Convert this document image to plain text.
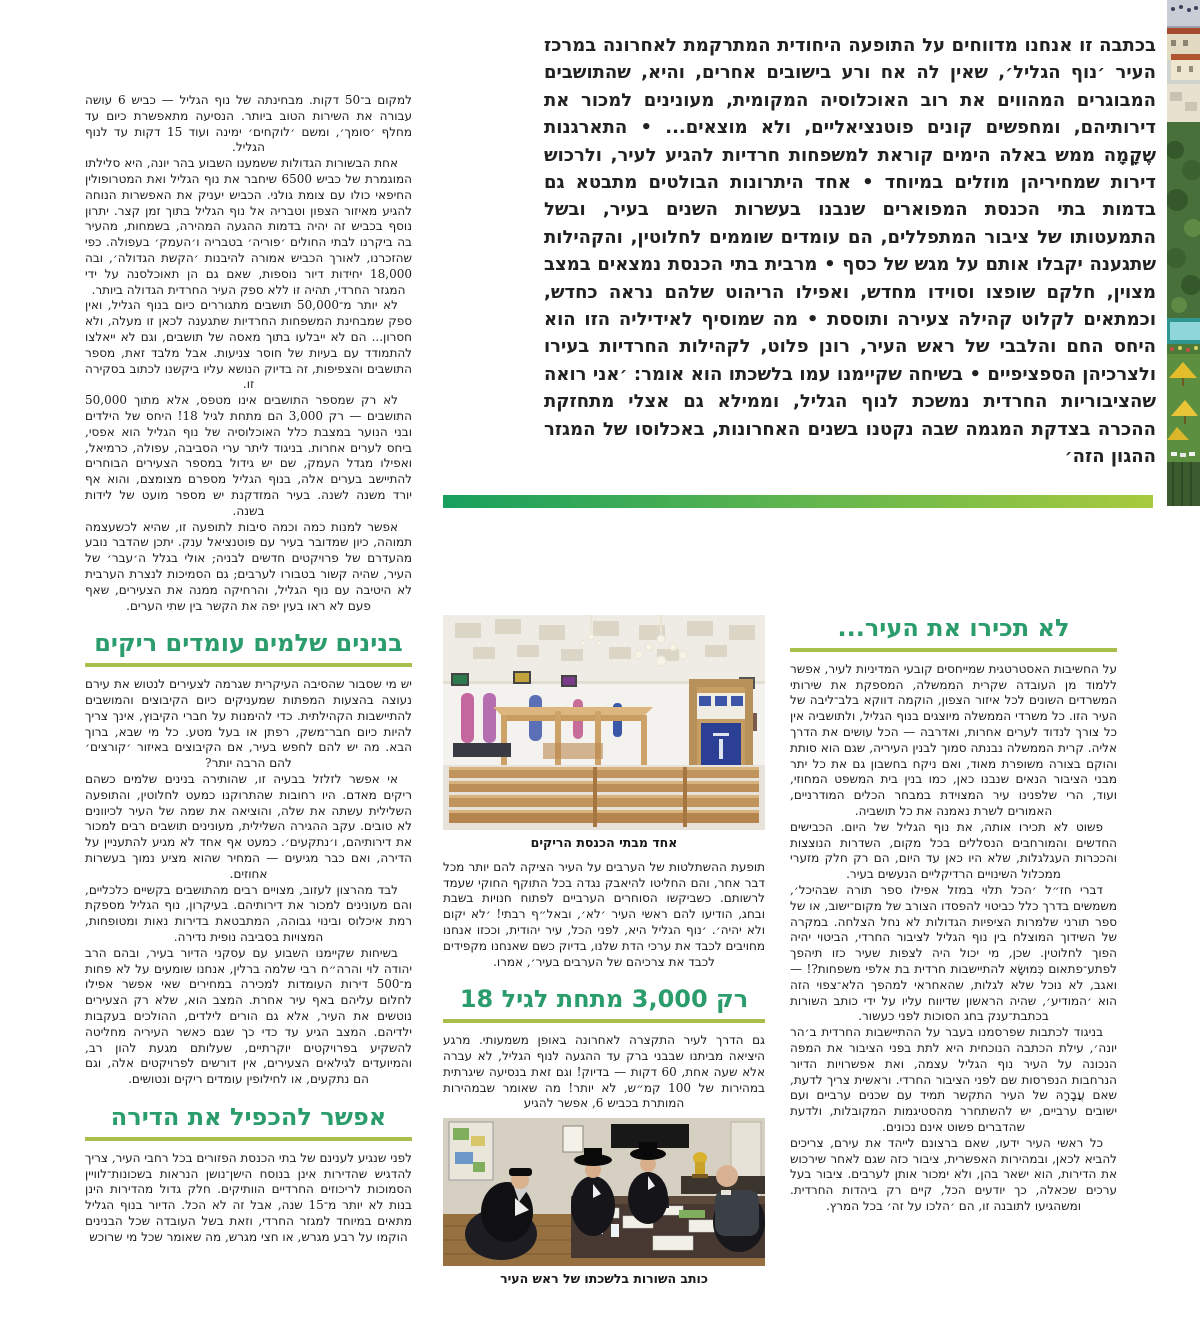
בכתבה זו אנחנו מדווחים על התופעה היחודית המתרקמת לאחרונה במרכז העיר ׳נוף הגליל׳, שאין לה אח ורע בישובים אחרים, והיא, שהתושבים המבוגרים המהווים את רוב האוכלוסיה המקומית, מעונינים למכור את דירותיהם, ומחפשים קונים פוטנציאליים, ולא מוצאים... • התארגנות שֶקָמָה ממש באלה הימים קוראת למשפחות חרדיות להגיע לעיר, ולרכוש דירות שמחיריהן מוזלים במיוחד • אחד היתרונות הבולטים מתבטא גם בדמות בתי הכנסת המפוארים שנבנו בעשרות השנים בעיר, ובשל התמעטותו של ציבור המתפללים, הם עומדים שוממים לחלוטין, והקהילות שתגענה יקבלו אותם על מגש של כסף • מרבית בתי הכנסת נמצאים במצב מצוין, חלקם שופצו וסוידו מחדש, ואפילו הריהוט שלהם נראה כחדש, וכמתאים לקלוט קהילה צעירה ותוססת • מה שמוסיף לאידיליה הזו הוא היחס החם והלבבי של ראש העיר, רונן פלוט, לקהילות החרדיות בעירו ולצרכיהן הספציפיים • בשיחה שקיימנו עמו בלשכתו הוא אומר: ׳אני רואה שהציבוריות החרדית נמשכת לנוף הגליל, וממילא גם אצלי מתחזקת ההכרה בצדקת המגמה שבה נקטנו בשנים האחרונות, באכלוסו של המגזר ההגון הזה׳

למקום ב־50 דקות. מבחינתה של נוף הגליל — כביש 6 עושה עבורה את השירות הטוב ביותר. הנסיעה מתאפשרת כיום עד מחלף ׳סומך׳, ומשם ׳לוקחים׳ ימינה ועוד 15 דקות עד לנוף הגליל.

אחת הבשורות הגדולות ששמענו השבוע בהר יונה, היא סלילתו המוגמרת של כביש 6500 שיחבר את נוף הגליל ואת המטרופולין החיפאי כולו עם צומת גולני. הכביש יעניק את האפשרות הנוחה להגיע מאיזור הצפון וטבריה אל נוף הגליל בתוך זמן קצר. יתרון נוסף בכביש זה יהיה בדמות ההגעה המהירה, בשמחות, מהעיר בה ביקרנו לבתי החולים ׳פוריה׳ בטבריה ו׳העמק׳ בעפולה. כפי שהזכרנו, לאורך הכביש אמורה להיבנות ׳הקשת הגדולה׳, ובה 18,000 יחידות דיור נוספות, שאם גם הן תאוכלסנה על ידי המגזר החרדי, תהיה זו ללא ספק העיר החרדית הגדולה ביותר.

לא יותר מ־50,000 תושבים מתגוררים כיום בנוף הגליל, ואין ספק שמבחינת המשפחות החרדיות שתגענה לכאן זו מעלה, ולא חסרון... הם לא ייבלעו בתוך מאסה של תושבים, וגם לא ייאלצו להתמודד עם בעיות של חוסר צניעות. אבל מלבד זאת, מספר התושבים והצפיפות, זה בדיוק הנושא עליו ביקשנו לכתוב בסקירה זו.

לא רק שמספר התושבים אינו מטפס, אלא מתוך 50,000 התושבים — רק 3,000 הם מתחת לגיל 18! היחס של הילדים ובני הנוער במצבת כלל האוכלוסיה של נוף הגליל הוא אפסי, ביחס לערים אחרות. בניגוד ליתר ערי הסביבה, עפולה, כרמיאל, ואפילו מגדל העמק, שם יש גידול במספר הצעירים הבוחרים להתיישב בערים אלה, בנוף הגליל מספרם מצומצם, והוא אף יורד משנה לשנה. בעיר המזדקנת יש מספר מועט של לידות בשנה.

אפשר למנות כמה וכמה סיבות לתופעה זו, שהיא לכשעצמה תמוהה, כיון שמדובר בעיר עם פוטנציאל ענק. יתכן שהדבר נובע מהעדרם של פרויקטים חדשים לבניה; אולי בגלל ה׳עבר׳ של העיר, שהיה קשור בטבורו לערבים; גם הסמיכות לנצרת הערבית לא היטיבה עם נוף הגליל, והרחיקה ממנה את הצעירים, שאף פעם לא ראו בעין יפה את הקשר בין שתי הערים.

בנינים שלמים עומדים ריקים

יש מי שסבור שהסיבה העיקרית שגרמה לצעירים לנטוש את עירם נעוצה בהצעות המפתות שמעניקים כיום הקיבוצים והמושבים להתיישבות הקהילתית. כדי להימנות על חברי הקיבוץ, אינך צריך להיות כיום חבר־משק, רפתן או בעל מטע. כל מי שבא, ברוך הבא. מה יש להם לחפש בעיר, אם הקיבוצים באיזור ׳קורצים׳ להם הרבה יותר?

אי אפשר לזלזל בבעיה זו, שהותירה בנינים שלמים כשהם ריקים מאדם. היו רחובות שהתרוקנו כמעט לחלוטין, והתופעה השלילית עשתה את שלה, והוציאה את שמה של העיר לכיוונים לא טובים. עקב ההגירה השלילית, מעונינים תושבים רבים למכור את דירותיהם, ו׳נתקעים׳. כמעט אף אחד לא מגיע להתעניין על הדירה, ואם כבר מגיעים — המחיר שהוא מציע נמוך בעשרות אחוזים.

לבד מהרצון לעזוב, מצויים רבים מהתושבים בקשיים כלכליים, והם מעונינים למכור את דירותיהם. בעיקרון, נוף הגליל מספקת רמת איכלוס ובינוי גבוהה, המתבטאת בדירות נאות ומטופחות, המצויות בסביבה נופית נדירה.

בשיחות שקיימנו השבוע עם עסקני הדיור בעיר, ובהם הרב יהודה לוי והרה״ח רבי שלמה ברלין, אנחנו שומעים על לא פחות מ־500 דירות העומדות למכירה במחירים שאי אפשר אפילו לחלום עליהם באף עיר אחרת. המצב הוא, שלא רק הצעירים נוטשים את העיר, אלא גם הורים לילדים, ההולכים בעקבות ילדיהם. המצב הגיע עד כדי כך שגם כאשר העיריה מחליטה להשקיע בפרויקטים יוקרתיים, שעלותם מגעת להון רב, והמיועדים לגילאים הצעירים, אין דורשים לפרויקטים אלה, וגם הם נתקעים, או לחילופין עומדים ריקים ונטושים.

אפשר להכפיל את הדירה

לפני שנגיע לענינם של בתי הכנסת הפזורים בכל רחבי העיר, צריך להדגיש שהדירות אינן בנוסח הישן־נושן הנראות בשכונות־לוויין הסמוכות לריכוזים החרדיים הוותיקים. חלק גדול מהדירות הינן בנות לא יותר מ־15 שנה, אבל זה לא הכל. הדיור בנוף הגליל מתאים במיוחד למגזר החרדי, וזאת בשל העובדה שכל הבנינים הוקמו על רבע מגרש, או חצי מגרש, מה שאומר שכל מי שרוכש

אחד מבתי הכנסת הריקים

תופעת ההשתלטות של הערבים על העיר הציקה להם יותר מכל דבר אחר, והם החליטו להיאבק נגדה בכל התוקף החוקי שעמד לרשותם. כשביקשו הסוחרים הערביים לפתוח חנויות בשבת ובחג, הודיעו להם ראשי העיר ׳לא׳, ובאל״ף רבתי! ׳לא יקום ולא יהיה׳. ׳נוף הגליל היא, לפני הכל, עיר יהודית, וככזו אנחנו מחויבים לכבד את ערכי הדת שלנו, בדיוק כשם שאנחנו מקפידים לכבד את צרכיהם של הערבים בעיר׳, אמרו.

רק 3,000 מתחת לגיל 18

גם הדרך לעיר התקצרה לאחרונה באופן משמעותי. מרגע היציאה מביתנו שבבני ברק עד ההגעה לנוף הגליל, לא עברה אלא שעה אחת, 60 דקות — בדיוק! וגם זאת בנסיעה שיגרתית במהירות של 100 קמ״ש, לא יותר! מה שאומר שבמהירות המותרת בכביש 6, אפשר להגיע

כותב השורות בלשכתו של ראש העיר
לא תכירו את העיר...

על החשיבות האסטרטגית שמייחסים קובעי המדיניות לעיר, אפשר ללמוד מן העובדה שקרית הממשלה, המספקת את שירותי המשרדים השונים לכל איזור הצפון, הוקמה דווקא בלב־ליבה של העיר הזו. כל משרדי הממשלה מיוצגים בנוף הגליל, ולתושביה אין כל צורך לנדוד לערים אחרות, ואדרבה — הכל עושים את הדרך אליה. קרית הממשלה נבנתה סמוך לבנין העיריה, שגם הוא סותת והוקם בצורה משופרת מאוד, ואם ניקח בחשבון גם את כל יתר מבני הציבור הנאים שנבנו כאן, כמו בנין בית המשפט המחוזי, ועוד, הרי שלפנינו עיר המצוידת במבחר הכלים המודרניים, האמורים לשרת נאמנה את כל תושביה.

פשוט לא תכירו אותה, את נוף הגליל של היום. הכבישים החדשים והמורחבים הנסללים בכל מקום, השדרות הנוצצות והככרות העגלגלות, שלא היו כאן עד היום, הם רק חלק מזערי ממכלול השינויים הרדיקליים הנעשים בעיר.

דברי חז״ל ׳הכל תלוי במזל אפילו ספר תורה שבהיכל׳, משמשים בדרך כלל כביטוי להפסדו הצורב של מקום־ישוב, או של ספר תורני שלמרות הציפיות הגדולות לא נחל הצלחה. במקרה של השידוך המוצלח בין נוף הגליל לציבור החרדי, הביטוי יהיה הפוך לחלוטין. שכן, מי יכול היה לצפות שעיר כזו תיהפך לפתע־פתאום כְּמוּשָׂא להתיישבות חרדית בת אלפי משפחות?! — ואגב, לא נוכל שלא לגלות, שהאחראי למהפך הלא־צפוי הזה הוא ׳המודיע׳, שהיה הראשון שדיווח עליו על ידי כותב השורות בכתבת־ענק בחג הסוכות לפני כעשור.

בניגוד לכתבות שפרסמנו בעבר על ההתיישבות החרדית ב׳הר יונה׳, עילת הכתבה הנוכחית היא לתת בפני הציבור את המפה הנכונה על העיר נוף הגליל עצמה, ואת אפשרויות הדיור הנרחבות הנפרסות שם לפני הציבור החרדי. וראשית צריך לדעת, שאם עֲבָרָהּ של העיר התקשר תמיד עם שכנים ערביים ועם ישובים ערביים, יש להשתחרר מהסטיגמות המקובלות, ולדעת שהדברים פשוט אינם נכונים.

כל ראשי העיר ידעו, שאם ברצונם לייהד את עירם, צריכים להביא לכאן, ובמהירות האפשרית, ציבור כזה שגם לאחר שירכוש את הדירות, הוא ישאר בהן, ולא ימכור אותן לערבים. ציבור בעל ערכים שכאלה, כך יודעים הכל, קיים רק ביהדות החרדית. ומשהגיעו לתובנה זו, הם ׳הלכו על זה׳ בכל המרץ.
